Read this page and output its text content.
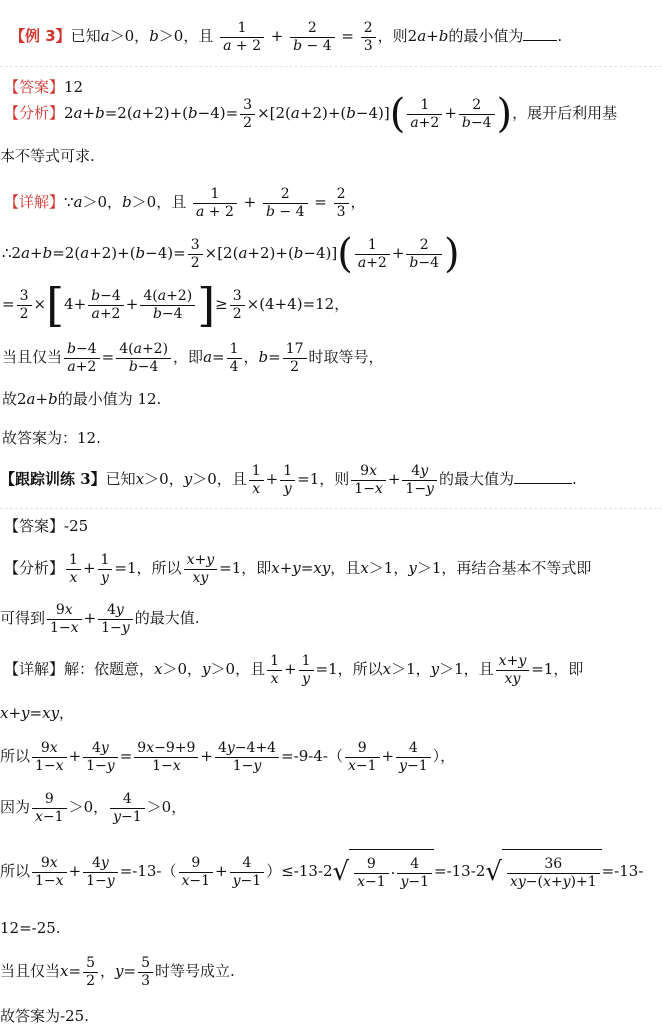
【例 3】已知a＞0，b＞0，且 $\frac{1}{a + 2} + \frac{2}{b - 4} = \frac{2}{3}$ ，则2a+b的最小值为 .
【答案】12
【分析】$2a+b=2(a+2)+(b-4)= \frac{3}{2} \times[2(a+2)+(b-4)]( \frac{1}{a+2} + \frac{2}{b-4}$ )，展开后利用基
本不等式可求.
【详解】∵a＞0，b＞0，且 $\frac{1}{a + 2} + \frac{2}{b - 4} = \frac{2}{3}$ ，
∴2a+b=2(a+2)+(b−4)= $\frac{3}{2} \times[2(a+2)+(b-4)]( \frac{1}{a+2} + \frac{2}{b-4}$ )
= $\frac{3}{2} \times[4+ \frac{b-4}{a+2} + \frac{4(a+2)}{b-4}$ ]≥ $\frac{3}{2} \times(4+4)=12$，
当且仅当 $\frac{b-4}{a+2} = \frac{4(a+2)}{b-4}$ ，即$a= \frac{1}{4}$ ，$b= \frac{17}{2}$ 时取等号，
故2a+b的最小值为 12.
故答案为：12.
【跟踪训练 3】已知x＞0，y＞0，且 $\frac{1}{x} + \frac{1}{y} =1$，则 $\frac{9x}{1-x} + \frac{4y}{1-y}$ 的最大值为	.
【答案】-25
【分析】 $\frac{1}{x} + \frac{1}{y} =1$，所以 $\frac{x+y}{xy} =1$，即x+y=xy，且x＞1，y＞1，再结合基本不等式即
可得到 $\frac{9x}{1-x} + \frac{4y}{1-y}$ 的最大值.
【详解】解：依题意，x＞0，y＞0，且 $\frac{1}{x} + \frac{1}{y} =1$，所以x＞1，y＞1，且 $\frac{x+y}{xy} =1$，即
x+y=xy，
所以 $\frac{9x}{1-x} + \frac{4y}{1-y} = \frac{9x-9+9}{1-x} + \frac{4y-4+4}{1-y} =-9-4-( \frac{9}{x-1} + \frac{4}{y-1}$ ），
因为 $\frac{9}{x-1} >0$， $\frac{4}{y-1} >0$，
所以 $\frac{9x}{1-x} + \frac{4y}{1-y} =-13-( \frac{9}{x-1} + \frac{4}{y-1} )\le-13-2√ \frac{9}{x-1} \cdot \frac{4}{y-1} =-13-2√ \frac{36}{xy-(x+y)+1} =-13-$
12=-25.
当且仅当$x= \frac{5}{2}$ ，$y= \frac{5}{3}$ 时等号成立.
故答案为-25.
